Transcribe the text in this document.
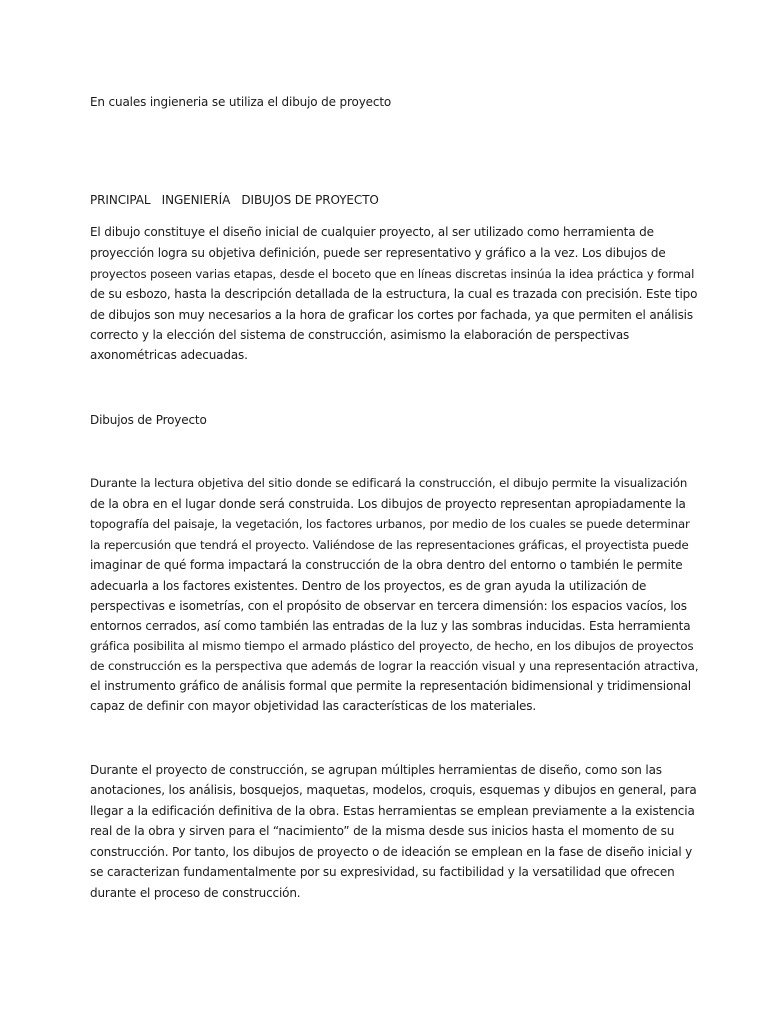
En cuales ingieneria se utiliza el dibujo de proyecto
PRINCIPAL INGENIERÍA DIBUJOS DE PROYECTO
El dibujo constituye el diseño inicial de cualquier proyecto, al ser utilizado como herramienta de
proyección logra su objetiva definición, puede ser representativo y gráfico a la vez. Los dibujos de
proyectos poseen varias etapas, desde el boceto que en líneas discretas insinúa la idea práctica y formal
de su esbozo, hasta la descripción detallada de la estructura, la cual es trazada con precisión. Este tipo
de dibujos son muy necesarios a la hora de graficar los cortes por fachada, ya que permiten el análisis
correcto y la elección del sistema de construcción, asimismo la elaboración de perspectivas
axonométricas adecuadas.
Dibujos de Proyecto
Durante la lectura objetiva del sitio donde se edificará la construcción, el dibujo permite la visualización
de la obra en el lugar donde será construida. Los dibujos de proyecto representan apropiadamente la
topografía del paisaje, la vegetación, los factores urbanos, por medio de los cuales se puede determinar
la repercusión que tendrá el proyecto. Valiéndose de las representaciones gráficas, el proyectista puede
imaginar de qué forma impactará la construcción de la obra dentro del entorno o también le permite
adecuarla a los factores existentes. Dentro de los proyectos, es de gran ayuda la utilización de
perspectivas e isometrías, con el propósito de observar en tercera dimensión: los espacios vacíos, los
entornos cerrados, así como también las entradas de la luz y las sombras inducidas. Esta herramienta
gráfica posibilita al mismo tiempo el armado plástico del proyecto, de hecho, en los dibujos de proyectos
de construcción es la perspectiva que además de lograr la reacción visual y una representación atractiva,
el instrumento gráfico de análisis formal que permite la representación bidimensional y tridimensional
capaz de definir con mayor objetividad las características de los materiales.
Durante el proyecto de construcción, se agrupan múltiples herramientas de diseño, como son las
anotaciones, los análisis, bosquejos, maquetas, modelos, croquis, esquemas y dibujos en general, para
llegar a la edificación definitiva de la obra. Estas herramientas se emplean previamente a la existencia
real de la obra y sirven para el “nacimiento” de la misma desde sus inicios hasta el momento de su
construcción. Por tanto, los dibujos de proyecto o de ideación se emplean en la fase de diseño inicial y
se caracterizan fundamentalmente por su expresividad, su factibilidad y la versatilidad que ofrecen
durante el proceso de construcción.
